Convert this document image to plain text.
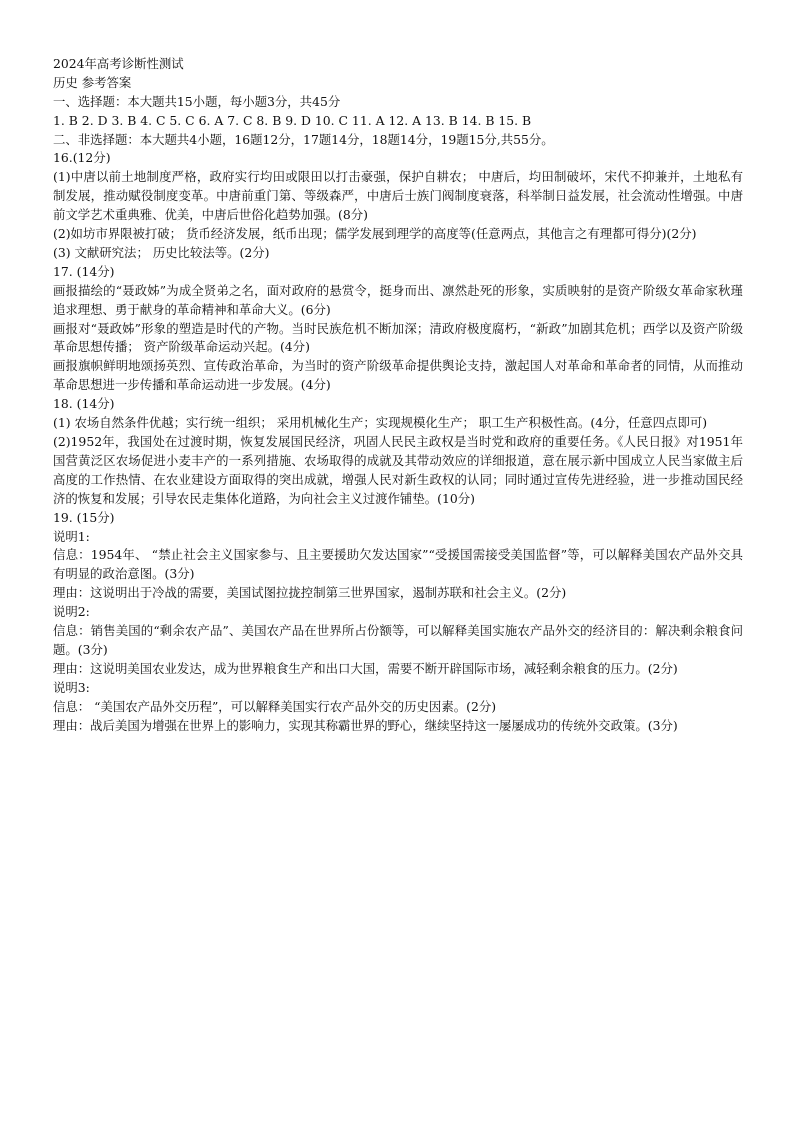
2024年高考诊断性测试
历史 参考答案
一、选择题：本大题共15小题，每小题3分，共45分
1. B 2. D 3. B 4. C 5. C 6. A 7. C 8. B 9. D 10. C 11. A 12. A 13. B 14. B 15. B
二、非选择题：本大题共4小题，16题12分，17题14分，18题14分，19题15分,共55分。
16.(12分)
(1)中唐以前土地制度严格，政府实行均田或限田以打击豪强，保护自耕农； 中唐后，均田制破坏，宋代不抑兼并，土地私有制发展，推动赋役制度变革。中唐前重门第、等级森严，中唐后士族门阀制度衰落，科举制日益发展，社会流动性增强。中唐前文学艺术重典雅、优美，中唐后世俗化趋势加强。(8分)
(2)如坊市界限被打破； 货币经济发展，纸币出现；儒学发展到理学的高度等(任意两点，其他言之有理都可得分)(2分)
(3) 文献研究法； 历史比较法等。(2分)
17. (14分)
画报描绘的“聂政姊”为成全贤弟之名，面对政府的悬赏令，挺身而出、凛然赴死的形象，实质映射的是资产阶级女革命家秋瑾追求理想、勇于献身的革命精神和革命大义。(6分)
画报对“聂政姊”形象的塑造是时代的产物。当时民族危机不断加深；清政府极度腐朽，“新政”加剧其危机；西学以及资产阶级革命思想传播； 资产阶级革命运动兴起。(4分)
画报旗帜鲜明地颂扬英烈、宣传政治革命，为当时的资产阶级革命提供舆论支持，激起国人对革命和革命者的同情，从而推动革命思想进一步传播和革命运动进一步发展。(4分)
18. (14分)
(1) 农场自然条件优越；实行统一组织； 采用机械化生产；实现规模化生产； 职工生产积极性高。(4分，任意四点即可)
(2)1952年，我国处在过渡时期，恢复发展国民经济，巩固人民民主政权是当时党和政府的重要任务。《人民日报》对1951年国营黄泛区农场促进小麦丰产的一系列措施、农场取得的成就及其带动效应的详细报道，意在展示新中国成立人民当家做主后高度的工作热情、在农业建设方面取得的突出成就，增强人民对新生政权的认同；同时通过宣传先进经验，进一步推动国民经济的恢复和发展；引导农民走集体化道路，为向社会主义过渡作铺垫。(10分)
19. (15分)
说明1:
信息：1954年、 “禁止社会主义国家参与、且主要援助欠发达国家”“受援国需接受美国监督”等，可以解释美国农产品外交具有明显的政治意图。(3分)
理由：这说明出于冷战的需要，美国试图拉拢控制第三世界国家，遏制苏联和社会主义。(2分)
说明2:
信息：销售美国的“剩余农产品”、美国农产品在世界所占份额等，可以解释美国实施农产品外交的经济目的：解决剩余粮食问题。(3分)
理由：这说明美国农业发达，成为世界粮食生产和出口大国，需要不断开辟国际市场，减轻剩余粮食的压力。(2分)
说明3:
信息： “美国农产品外交历程”，可以解释美国实行农产品外交的历史因素。(2分)
理由：战后美国为增强在世界上的影响力，实现其称霸世界的野心，继续坚持这一屡屡成功的传统外交政策。(3分)
